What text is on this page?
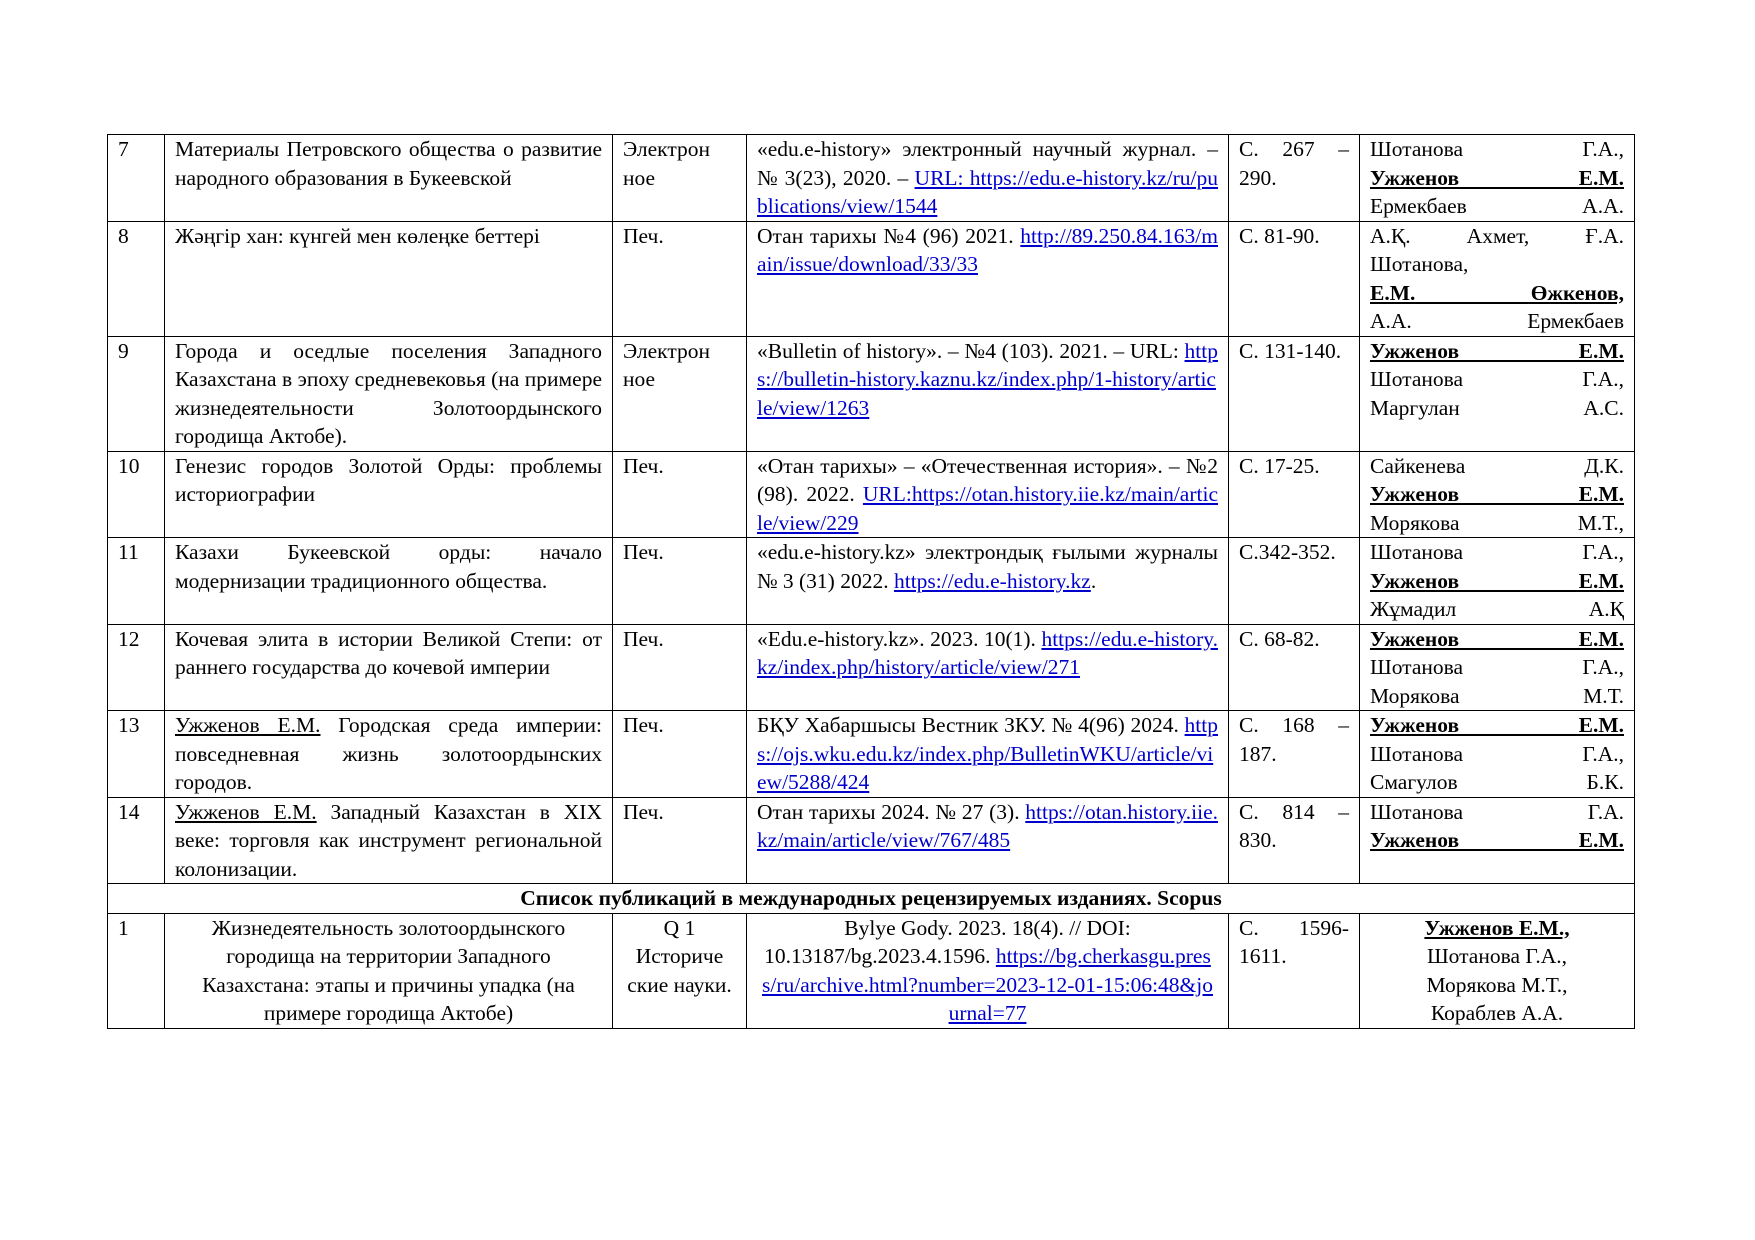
7	Материалы Петровского общества о развитие народного образования в Букеевской	Электрон ное	«edu.e-history» электронный научный журнал. – № 3(23), 2020. – URL: https://edu.e-history.kz/ru/publications/view/1544	С. 267 – 290.	Шотанова Г.А.,
Ужженов Е.М.
Ермекбаев А.А.

8	Жәңгір хан: күнгей мен көлеңке беттері	Печ.	Отан тарихы №4 (96) 2021. http://89.250.84.163/main/issue/download/33/33	С. 81-90.	А.Қ. Ахмет, Ғ.А. Шотанова,
Е.М. Өжкенов,
А.А. Ермекбаев

9	Города и оседлые поселения Западного Казахстана в эпоху средневековья (на примере жизнедеятельности Золотоордынского городища Актобе).	Электрон ное	«Bulletin of history». – №4 (103). 2021. – URL: https://bulletin-history.kaznu.kz/index.php/1-history/article/view/1263	С. 131-140.	Ужженов Е.М.
Шотанова Г.А.,
Маргулан А.С.

10	Генезис городов Золотой Орды: проблемы историографии	Печ.	«Отан тарихы» – «Отечественная история». – №2 (98). 2022. URL:https://otan.history.iie.kz/main/article/view/229	С. 17-25.	Сайкенева Д.К.
Ужженов Е.М.
Морякова М.Т.,

11	Казахи Букеевской орды: начало модернизации традиционного общества.	Печ.	«edu.e-history.kz» электрондық ғылыми журналы № 3 (31) 2022. https://edu.e-history.kz.	С.342-352.	Шотанова Г.А.,
Ужженов Е.М.
Жұмадил А.Қ

12	Кочевая элита в истории Великой Степи: от раннего государства до кочевой империи	Печ.	«Edu.e-history.kz». 2023. 10(1). https://edu.e-history.kz/index.php/history/article/view/271	С. 68-82.	Ужженов Е.М.
Шотанова Г.А.,
Морякова М.Т.

13	Ужженов Е.М. Городская среда империи: повседневная жизнь золотоордынских городов.	Печ.	БҚУ Хабаршысы Вестник ЗКУ. № 4(96) 2024. https://ojs.wku.edu.kz/index.php/BulletinWKU/article/view/5288/424	С. 168 – 187.	Ужженов Е.М.
Шотанова Г.А.,
Смагулов Б.К.

14	Ужженов Е.М. Западный Казахстан в XIX веке: торговля как инструмент региональной колонизации.	Печ.	Отан тарихы 2024. № 27 (3). https://otan.history.iie.kz/main/article/view/767/485	С. 814 – 830.	Шотанова Г.А.
Ужженов Е.М.

Список публикаций в международных рецензируемых изданиях. Scopus					
1	Жизнедеятельность золотоордынского городища на территории Западного Казахстана: этапы и причины упадка (на примере городища Актобе)	Q 1 Историче ские науки.	Bylye Gody. 2023. 18(4). // DOI: 10.13187/bg.2023.4.1596. https://bg.cherkasgu.press/ru/archive.html?number=2023-12-01-15:06:48&journal=77	С. 1596-1611.	Ужженов Е.М.,
Шотанова Г.А.,
Морякова М.Т.,
Кораблев А.А.
